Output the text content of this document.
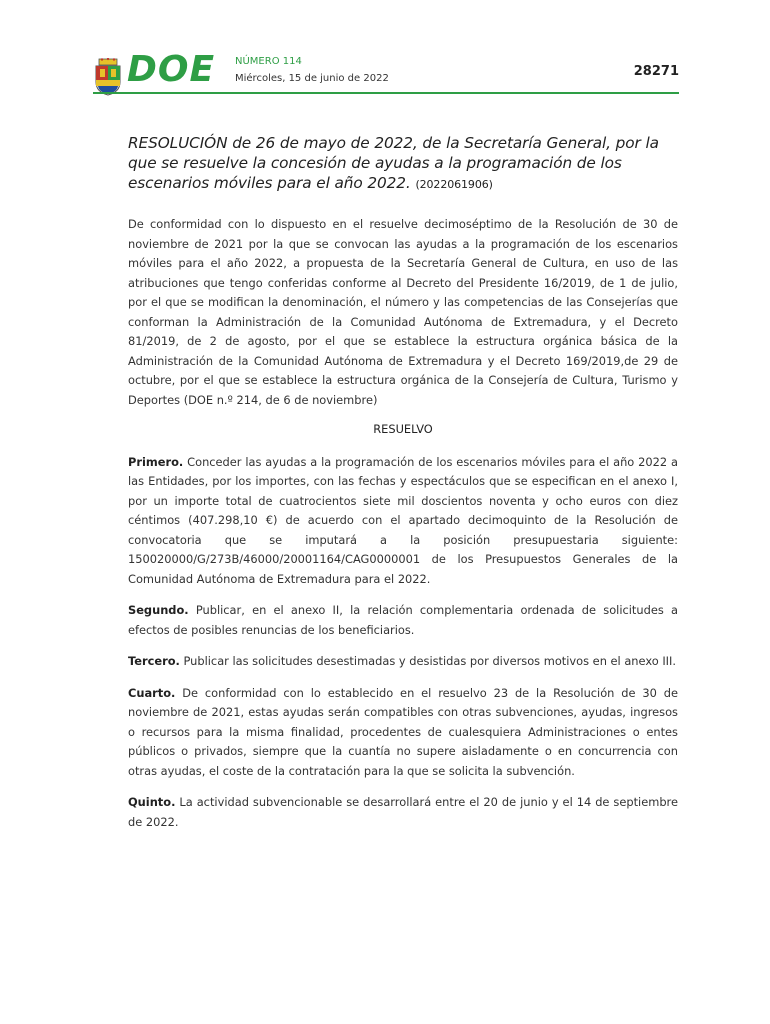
DOE NÚMERO 114
Miércoles, 15 de junio de 2022	28271
RESOLUCIÓN de 26 de mayo de 2022, de la Secretaría General, por la que se resuelve la concesión de ayudas a la programación de los escenarios móviles para el año 2022. (2022061906)

De conformidad con lo dispuesto en el resuelve decimoséptimo de la Resolución de 30 de noviembre de 2021 por la que se convocan las ayudas a la programación de los escenarios móviles para el año 2022, a propuesta de la Secretaría General de Cultura, en uso de las atribuciones que tengo conferidas conforme al Decreto del Presidente 16/2019, de 1 de julio, por el que se modifican la denominación, el número y las competencias de las Consejerías que conforman la Administración de la Comunidad Autónoma de Extremadura, y el Decreto 81/2019, de 2 de agosto, por el que se establece la estructura orgánica básica de la Administración de la Comunidad Autónoma de Extremadura y el Decreto 169/2019,de 29 de octubre, por el que se establece la estructura orgánica de la Consejería de Cultura, Turismo y Deportes (DOE n.º 214, de 6 de noviembre)

RESUELVO

Primero. Conceder las ayudas a la programación de los escenarios móviles para el año 2022 a las Entidades, por los importes, con las fechas y espectáculos que se especifican en el anexo I, por un importe total de cuatrocientos siete mil doscientos noventa y ocho euros con diez céntimos (407.298,10 €) de acuerdo con el apartado decimoquinto de la Resolución de convocatoria que se imputará a la posición presupuestaria siguiente: 150020000/G/273B/46000/20001164/CAG0000001 de los Presupuestos Generales de la Comunidad Autónoma de Extremadura para el 2022.

Segundo. Publicar, en el anexo II, la relación complementaria ordenada de solicitudes a efectos de posibles renuncias de los beneficiarios.

Tercero. Publicar las solicitudes desestimadas y desistidas por diversos motivos en el anexo III.

Cuarto. De conformidad con lo establecido en el resuelvo 23 de la Resolución de 30 de noviembre de 2021, estas ayudas serán compatibles con otras subvenciones, ayudas, ingresos o recursos para la misma finalidad, procedentes de cualesquiera Administraciones o entes públicos o privados, siempre que la cuantía no supere aisladamente o en concurrencia con otras ayudas, el coste de la contratación para la que se solicita la subvención.

Quinto. La actividad subvencionable se desarrollará entre el 20 de junio y el 14 de septiembre de 2022.
